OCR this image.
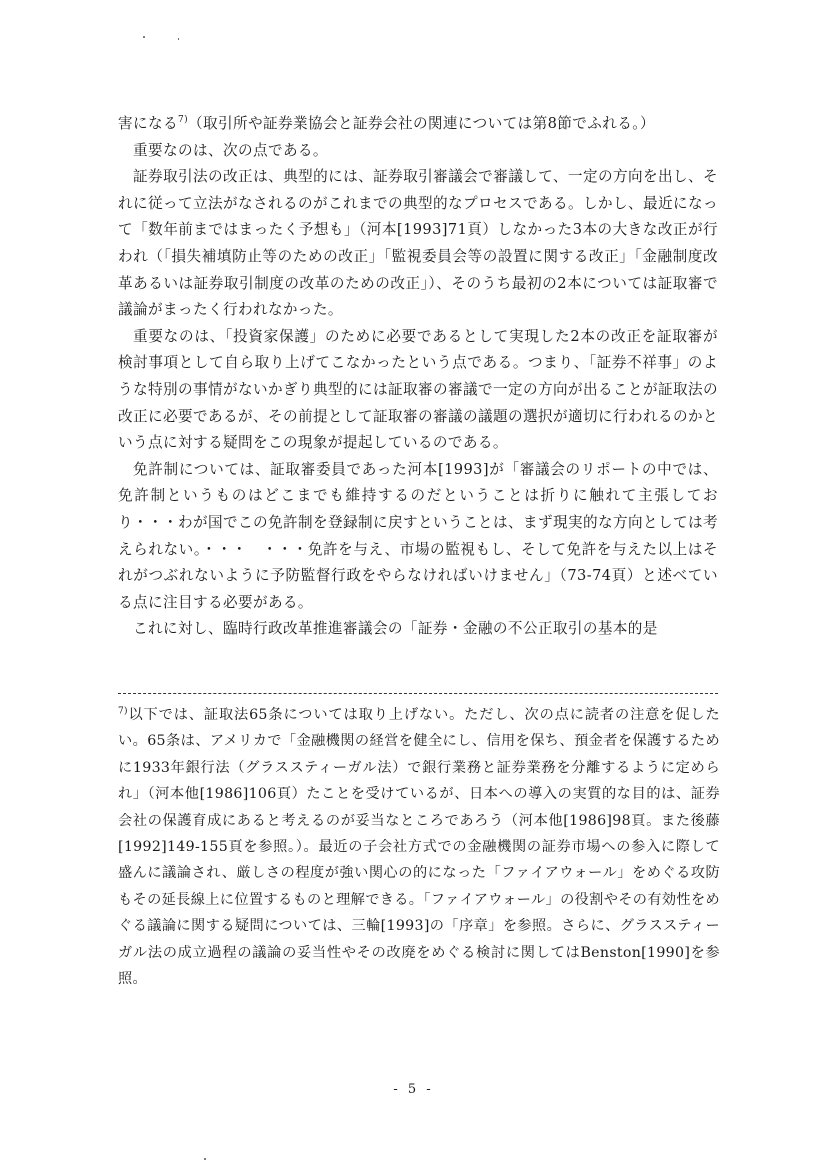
害になる$^{7)}$（取引所や証券業協会と証券会社の関連については第8節でふれる。）

重要なのは、次の点である。

証券取引法の改正は、典型的には、証券取引審議会で審議して、一定の方向を出し、それに従って立法がなされるのがこれまでの典型的なプロセスである。しかし、最近になって「数年前まではまったく予想も」（河本[1993]71頁）しなかった3本の大きな改正が行われ（「損失補填防止等のための改正」「監視委員会等の設置に関する改正」「金融制度改革あるいは証券取引制度の改革のための改正」）、そのうち最初の2本については証取審で議論がまったく行われなかった。

重要なのは、「投資家保護」のために必要であるとして実現した2本の改正を証取審が検討事項として自ら取り上げてこなかったという点である。つまり、「証券不祥事」のような特別の事情がないかぎり典型的には証取審の審議で一定の方向が出ることが証取法の改正に必要であるが、その前提として証取審の審議の議題の選択が適切に行われるのかという点に対する疑問をこの現象が提起しているのである。

免許制については、証取審委員であった河本[1993]が「審議会のリポートの中では、免許制というものはどこまでも維持するのだということは折りに触れて主張しており・・・わが国でこの免許制を登録制に戻すということは、まず現実的な方向としては考えられない。・・・　・・・免許を与え、市場の監視もし、そして免許を与えた以上はそれがつぶれないように予防監督行政をやらなければいけません」（73-74頁）と述べている点に注目する必要がある。

これに対し、臨時行政改革推進審議会の「証券・金融の不公正取引の基本的是

$^{7)}$以下では、証取法65条については取り上げない。ただし、次の点に読者の注意を促したい。65条は、アメリカで「金融機関の経営を健全にし、信用を保ち、預金者を保護するために1933年銀行法（グラススティーガル法）で銀行業務と証券業務を分離するように定められ」（河本他[1986]106頁）たことを受けているが、日本への導入の実質的な目的は、証券会社の保護育成にあると考えるのが妥当なところであろう（河本他[1986]98頁。また後藤[1992]149-155頁を参照。）。最近の子会社方式での金融機関の証券市場への参入に際して盛んに議論され、厳しさの程度が強い関心の的になった「ファイアウォール」をめぐる攻防もその延長線上に位置するものと理解できる。「ファイアウォール」の役割やその有効性をめぐる議論に関する疑問については、三輪[1993]の「序章」を参照。さらに、グラススティーガル法の成立過程の議論の妥当性やその改廃をめぐる検討に関してはBenston[1990]を参照。

- 5 -
